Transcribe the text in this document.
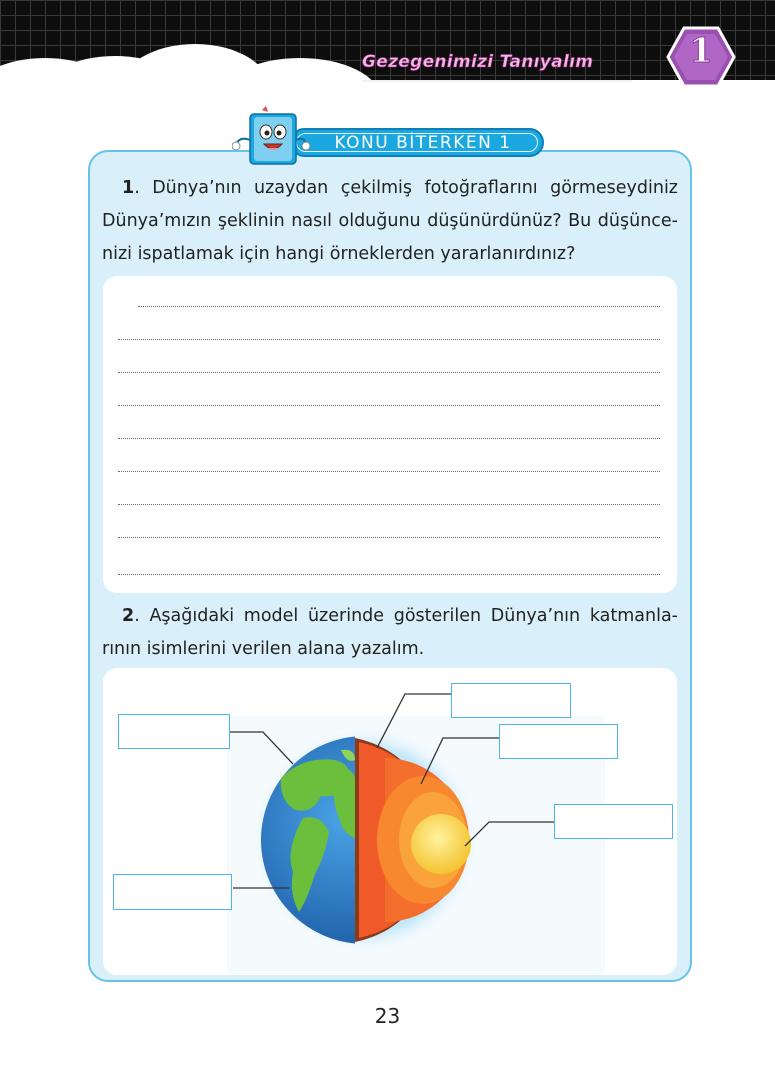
Gezegenimizi Tanıyalım	1
KONU BİTERKEN 1
1. Dünya’nın uzaydan çekilmiş fotoğraflarını görmeseydiniz
Dünya’mızın şeklinin nasıl olduğunu düşünürdünüz? Bu düşünce-
nizi ispatlamak için hangi örneklerden yararlanırdınız?
2. Aşağıdaki model üzerinde gösterilen Dünya’nın katmanla-
rının isimlerini verilen alana yazalım.
23
